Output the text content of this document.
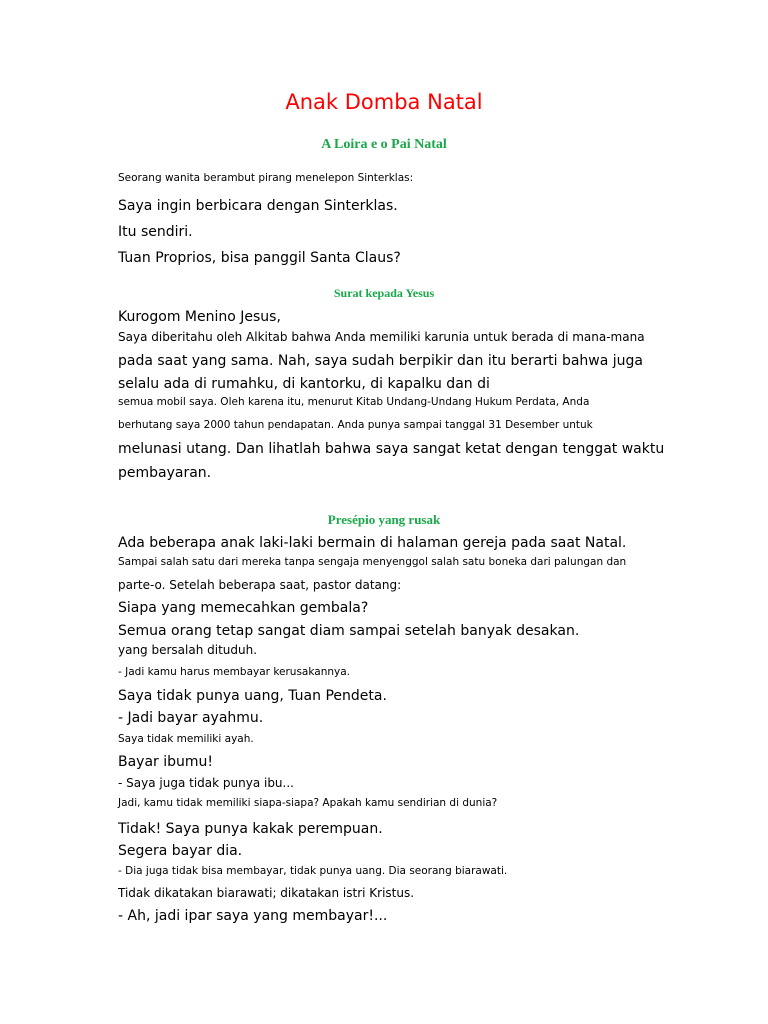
Anak Domba Natal
A Loira e o Pai Natal
Seorang wanita berambut pirang menelepon Sinterklas:
Saya ingin berbicara dengan Sinterklas.
Itu sendiri.
Tuan Proprios, bisa panggil Santa Claus?
Surat kepada Yesus
Kurogom Menino Jesus,
Saya diberitahu oleh Alkitab bahwa Anda memiliki karunia untuk berada di mana-mana
pada saat yang sama. Nah, saya sudah berpikir dan itu berarti bahwa juga
selalu ada di rumahku, di kantorku, di kapalku dan di
semua mobil saya. Oleh karena itu, menurut Kitab Undang-Undang Hukum Perdata, Anda
berhutang saya 2000 tahun pendapatan. Anda punya sampai tanggal 31 Desember untuk
melunasi utang. Dan lihatlah bahwa saya sangat ketat dengan tenggat waktu
pembayaran.
Presépio yang rusak
Ada beberapa anak laki-laki bermain di halaman gereja pada saat Natal.
Sampai salah satu dari mereka tanpa sengaja menyenggol salah satu boneka dari palungan dan
parte-o. Setelah beberapa saat, pastor datang:
Siapa yang memecahkan gembala?
Semua orang tetap sangat diam sampai setelah banyak desakan.
yang bersalah dituduh.
- Jadi kamu harus membayar kerusakannya.
Saya tidak punya uang, Tuan Pendeta.
- Jadi bayar ayahmu.
Saya tidak memiliki ayah.
Bayar ibumu!
- Saya juga tidak punya ibu...
Jadi, kamu tidak memiliki siapa-siapa? Apakah kamu sendirian di dunia?
Tidak! Saya punya kakak perempuan.
Segera bayar dia.
- Dia juga tidak bisa membayar, tidak punya uang. Dia seorang biarawati.
Tidak dikatakan biarawati; dikatakan istri Kristus.
- Ah, jadi ipar saya yang membayar!...
